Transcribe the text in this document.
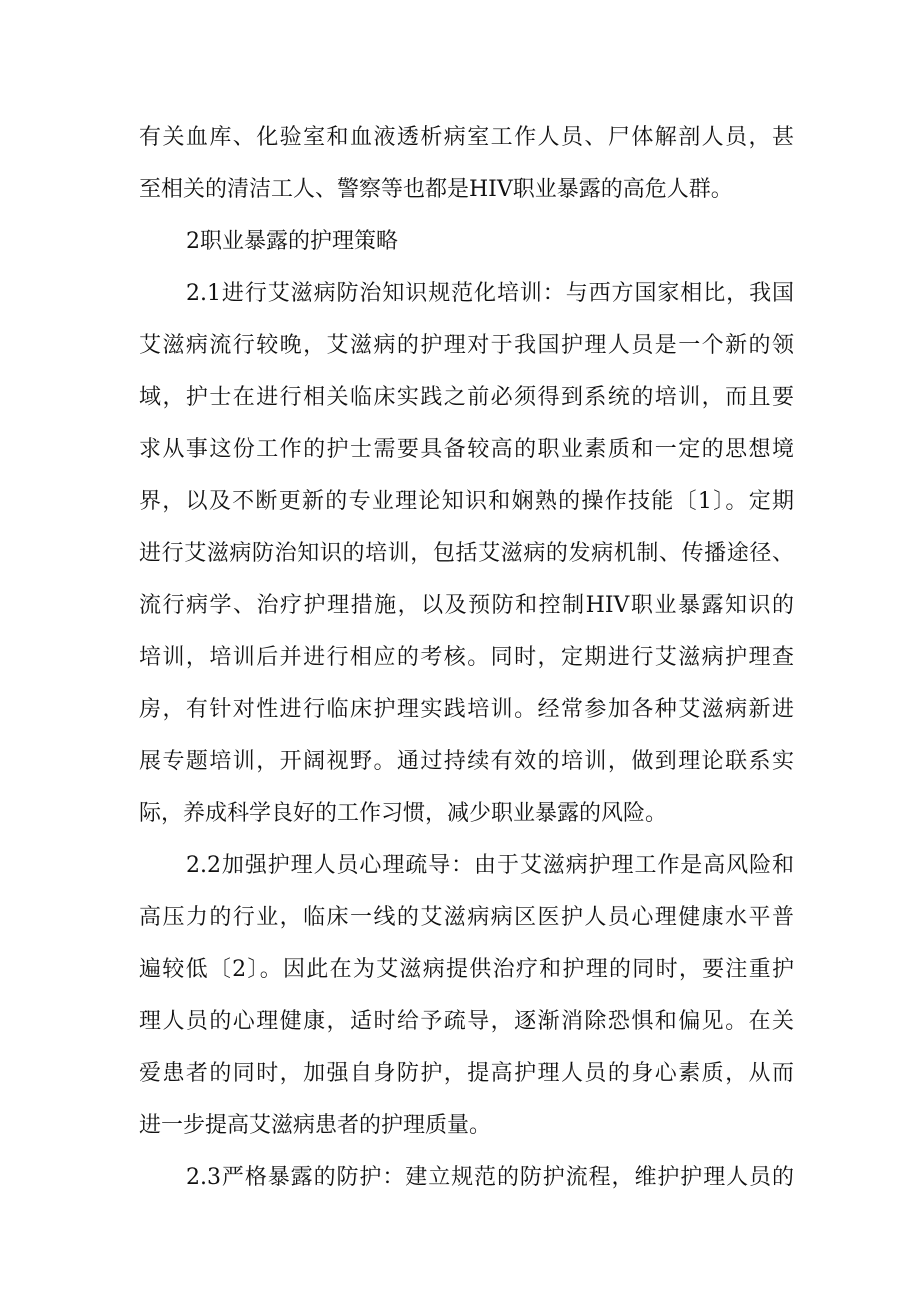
有关血库、化验室和血液透析病室工作人员、尸体解剖人员，甚
至相关的清洁工人、警察等也都是HIV职业暴露的高危人群。
2职业暴露的护理策略
2.1进行艾滋病防治知识规范化培训：与西方国家相比，我国
艾滋病流行较晚，艾滋病的护理对于我国护理人员是一个新的领
域，护士在进行相关临床实践之前必须得到系统的培训，而且要
求从事这份工作的护士需要具备较高的职业素质和一定的思想境
界，以及不断更新的专业理论知识和娴熟的操作技能〔1〕。定期
进行艾滋病防治知识的培训，包括艾滋病的发病机制、传播途径、
流行病学、治疗护理措施，以及预防和控制HIV职业暴露知识的
培训，培训后并进行相应的考核。同时，定期进行艾滋病护理查
房，有针对性进行临床护理实践培训。经常参加各种艾滋病新进
展专题培训，开阔视野。通过持续有效的培训，做到理论联系实
际，养成科学良好的工作习惯，减少职业暴露的风险。
2.2加强护理人员心理疏导：由于艾滋病护理工作是高风险和
高压力的行业，临床一线的艾滋病病区医护人员心理健康水平普
遍较低〔2〕。因此在为艾滋病提供治疗和护理的同时，要注重护
理人员的心理健康，适时给予疏导，逐渐消除恐惧和偏见。在关
爱患者的同时，加强自身防护，提高护理人员的身心素质，从而
进一步提高艾滋病患者的护理质量。
2.3严格暴露的防护：建立规范的防护流程，维护护理人员的
